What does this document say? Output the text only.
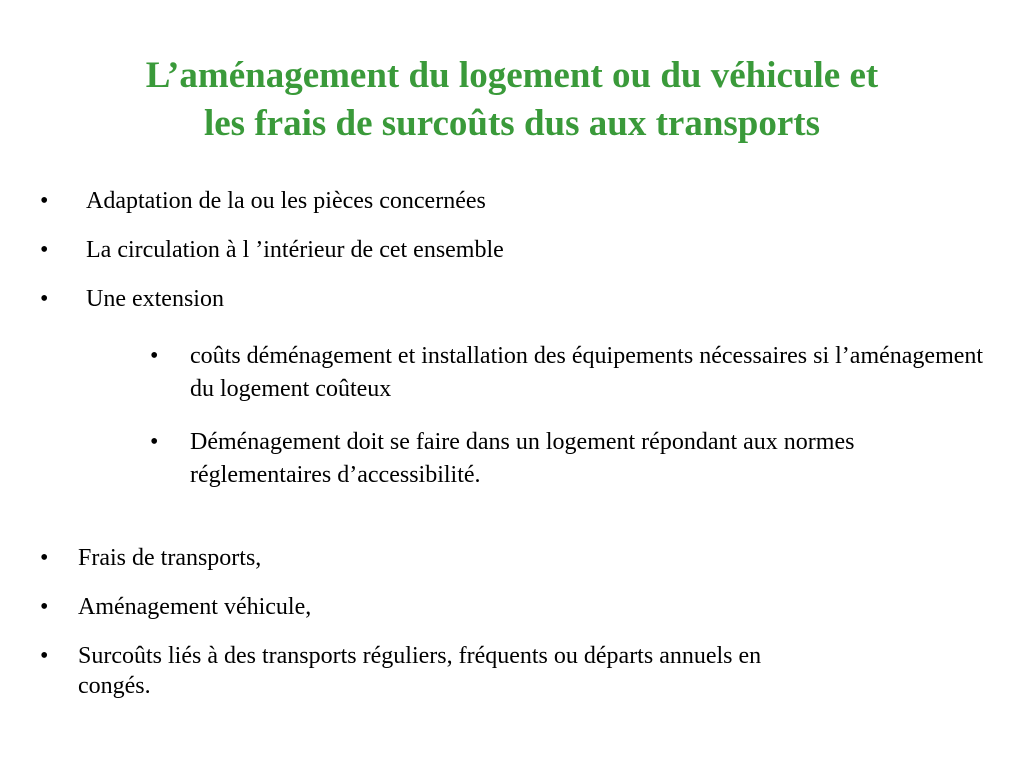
L’aménagement du logement ou du véhicule et
les frais de surcoûts dus aux transports
• Adaptation de la ou les pièces concernées
• La circulation à l ’intérieur de cet ensemble
• Une extension
• coûts déménagement et installation des équipements nécessaires si l’aménagement du logement coûteux
• Déménagement doit se faire dans un logement répondant aux normes réglementaires d’accessibilité.
• Frais de transports,
• Aménagement véhicule,
• Surcoûts liés à des transports réguliers, fréquents ou départs annuels en congés.
